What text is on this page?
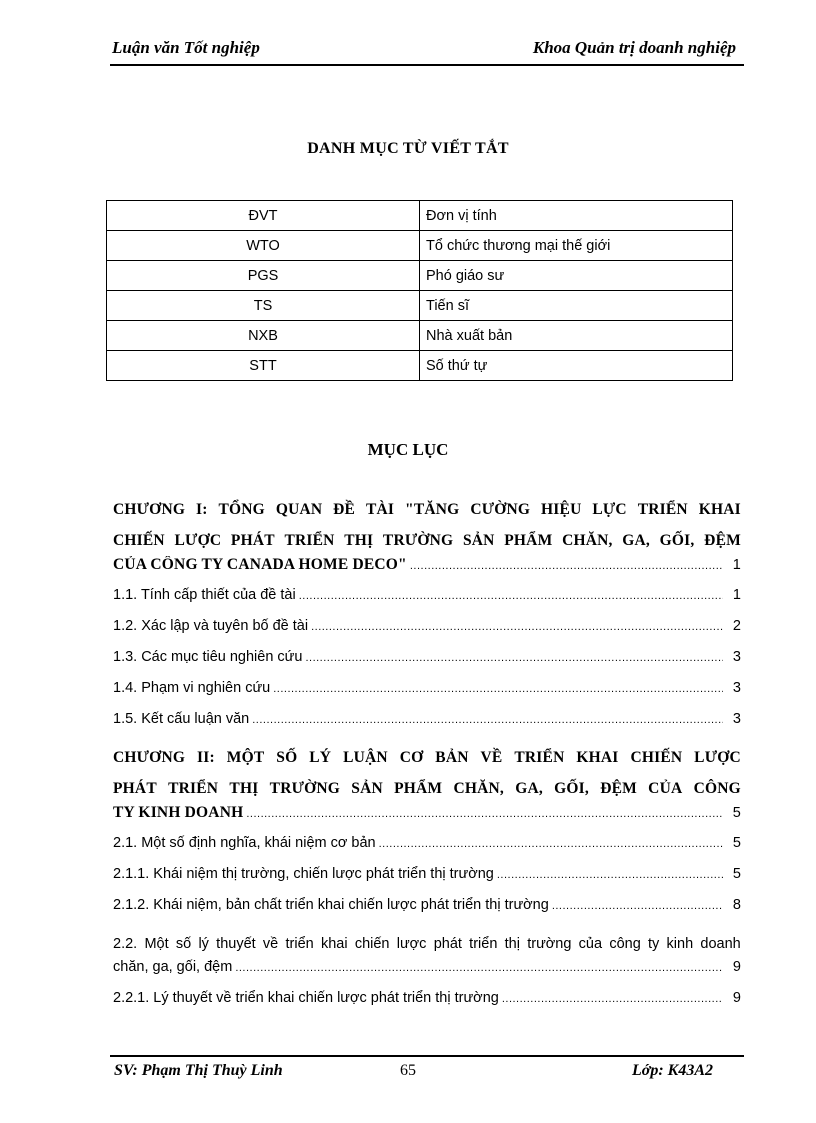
Luận văn Tốt nghiệp	Khoa Quản trị doanh nghiệp
DANH MỤC TỪ VIẾT TẮT
ĐVT	Đơn vị tính
WTO	Tổ chức thương mại thế giới
PGS	Phó giáo sư
TS	Tiến sĩ
NXB	Nhà xuất bản
STT	Số thứ tự
MỤC LỤC
CHƯƠNG I: TỔNG QUAN ĐỀ TÀI "TĂNG CƯỜNG HIỆU LỰC TRIỂN KHAI
CHIẾN LƯỢC PHÁT TRIỂN THỊ TRƯỜNG SẢN PHẨM CHĂN, GA, GỐI, ĐỆM
CỦA CÔNG TY CANADA HOME DECO" .....	1
1.1. Tính cấp thiết của đề tài .....	1
1.2. Xác lập và tuyên bố đề tài .....	2
1.3. Các mục tiêu nghiên cứu .....	3
1.4. Phạm vi nghiên cứu .....	3
1.5. Kết cấu luận văn .....	3
CHƯƠNG II: MỘT SỐ LÝ LUẬN CƠ BẢN VỀ TRIỂN KHAI CHIẾN LƯỢC
PHÁT TRIỂN THỊ TRƯỜNG SẢN PHẨM CHĂN, GA, GỐI, ĐỆM CỦA CÔNG
TY KINH DOANH .....	5
2.1. Một số định nghĩa, khái niệm cơ bản .....	5
2.1.1. Khái niệm thị trường, chiến lược phát triển thị trường .....	5
2.1.2. Khái niệm, bản chất triển khai chiến lược phát triển thị trường .....	8
2.2. Một số lý thuyết về triển khai chiến lược phát triển thị trường của công ty kinh doanh
chăn, ga, gối, đệm .....	9
2.2.1. Lý thuyết về triển khai chiến lược phát triển thị trường .....	9
SV: Phạm Thị Thuỳ Linh	65	Lớp: K43A2
